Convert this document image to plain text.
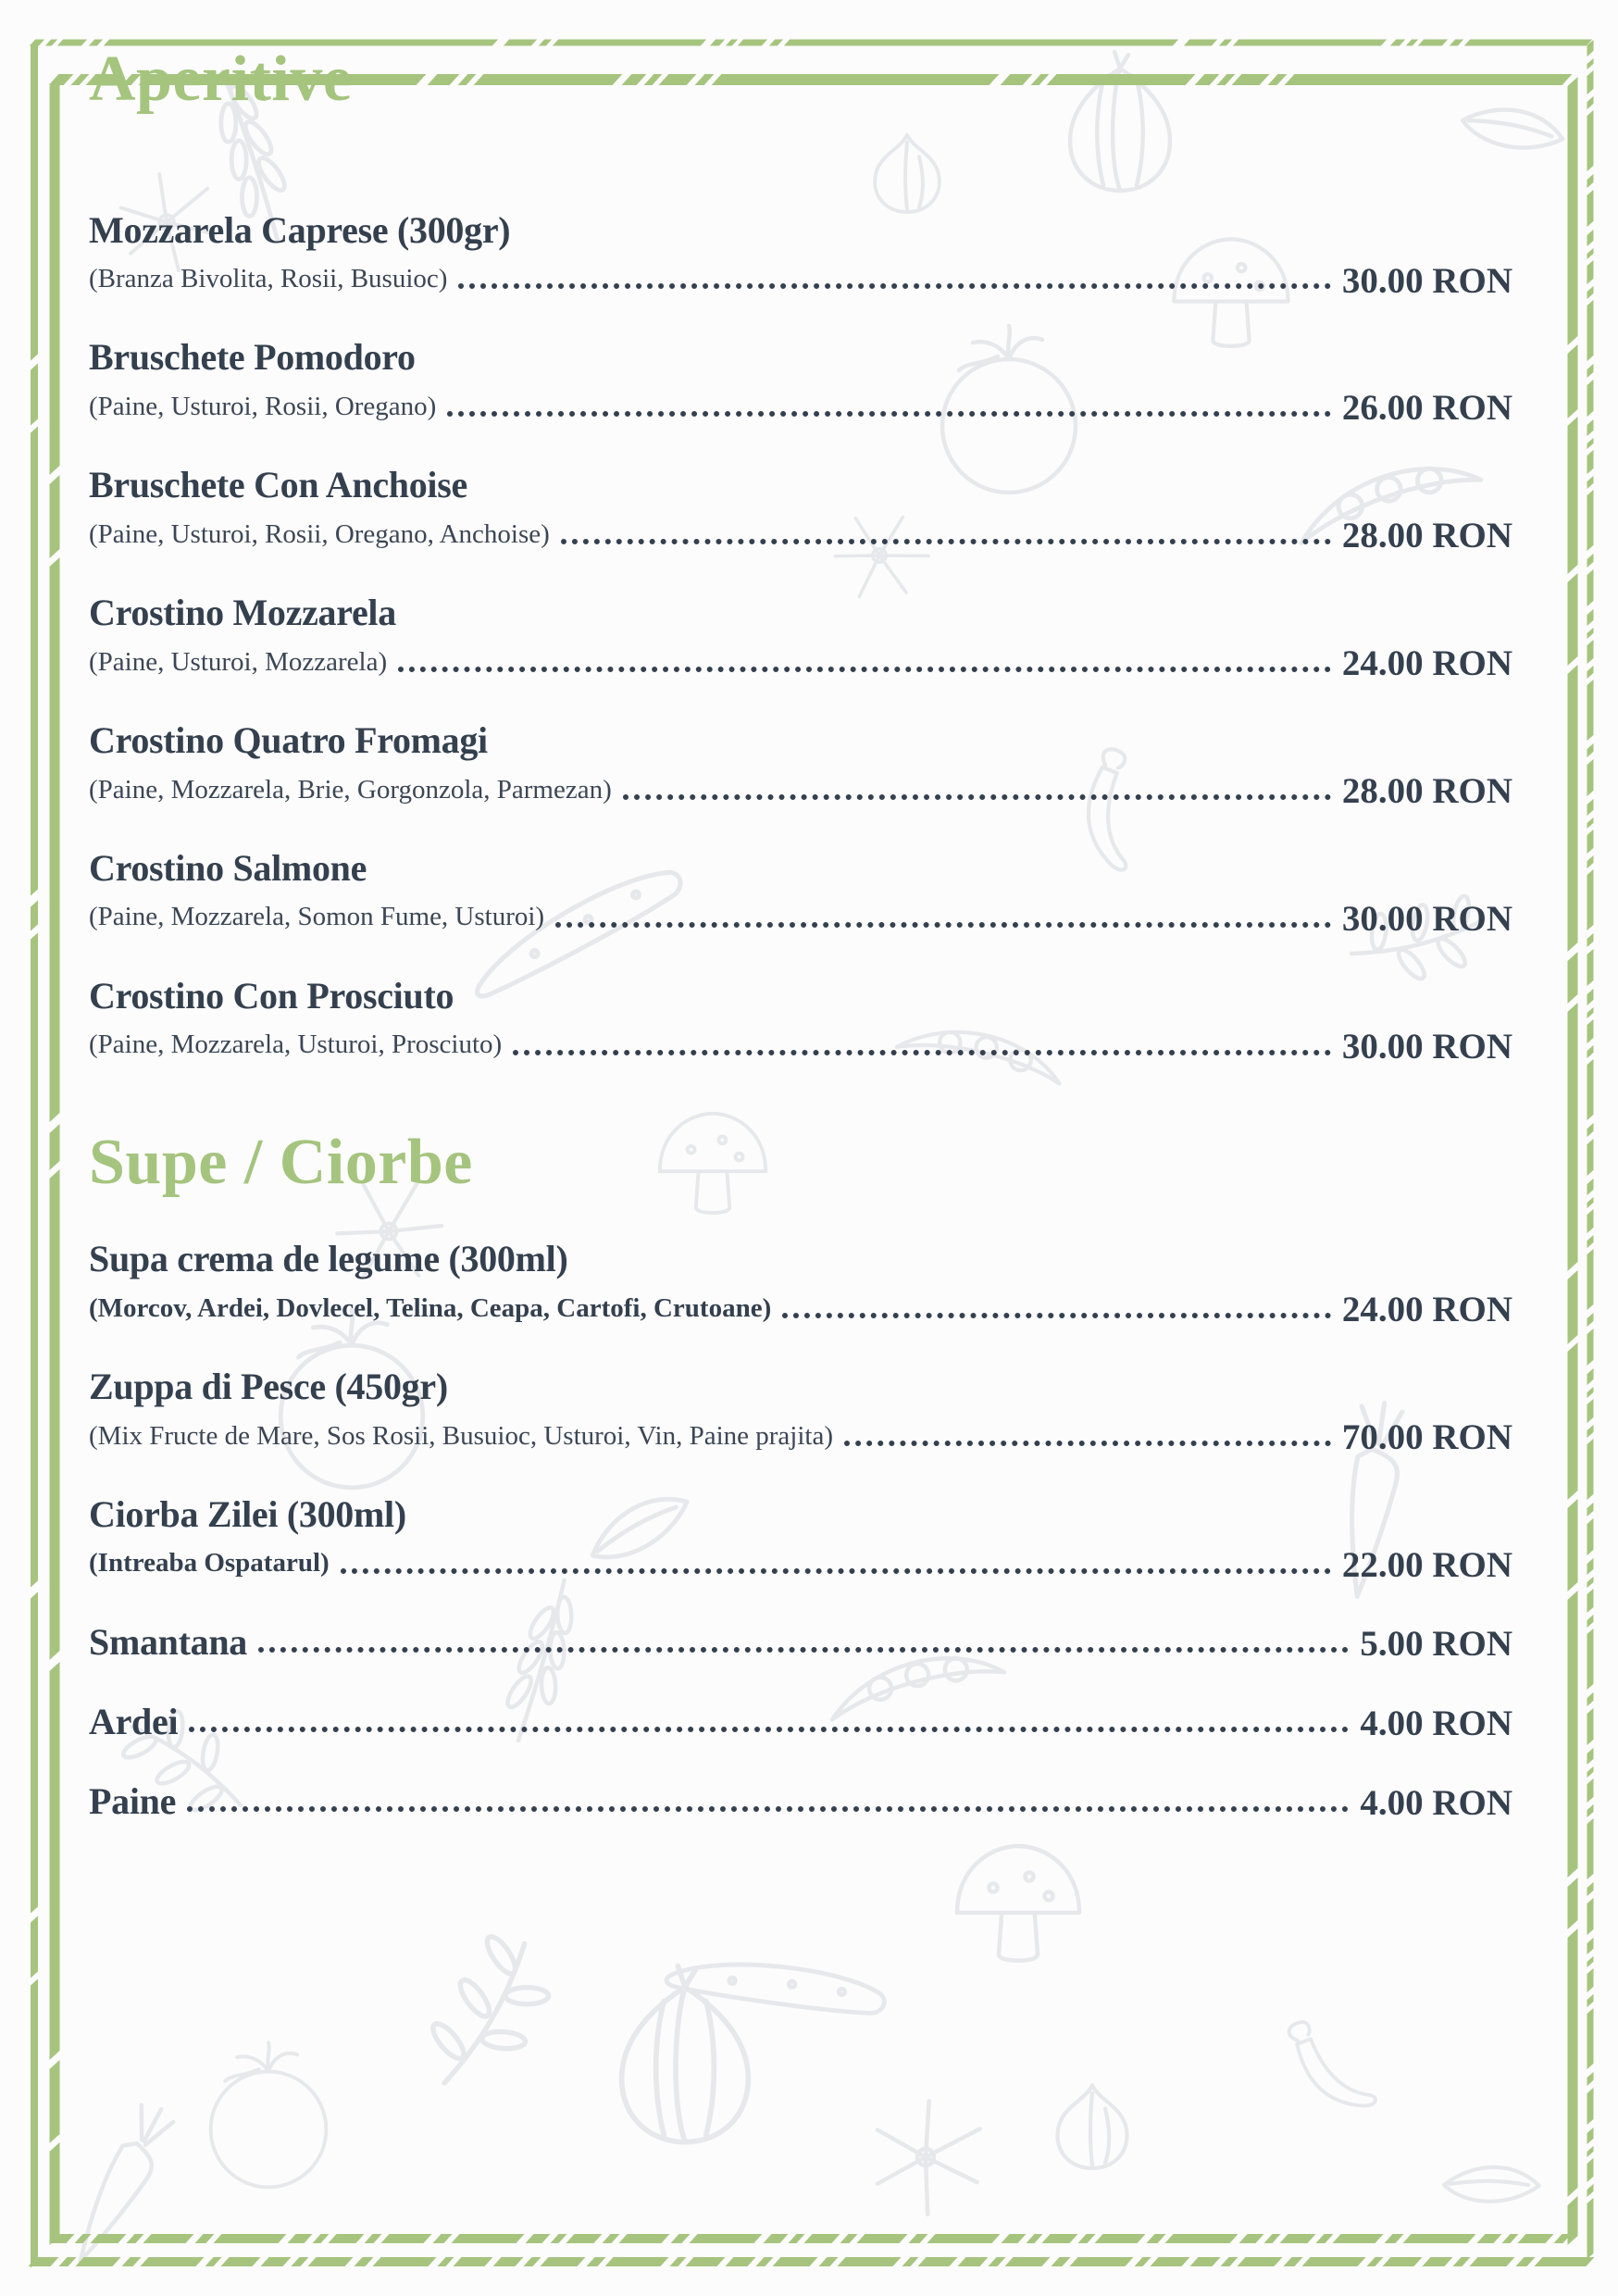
Aperitive
Mozzarela Caprese (300gr)
(Branza Bivolita, Rosii, Busuioc)	30.00 RON
Bruschete Pomodoro
(Paine, Usturoi, Rosii, Oregano)	26.00 RON
Bruschete Con Anchoise
(Paine, Usturoi, Rosii, Oregano, Anchoise)	28.00 RON
Crostino Mozzarela
(Paine, Usturoi, Mozzarela)	24.00 RON
Crostino Quatro Fromagi
(Paine, Mozzarela, Brie, Gorgonzola, Parmezan)	28.00 RON
Crostino Salmone
(Paine, Mozzarela, Somon Fume, Usturoi)	30.00 RON
Crostino Con Prosciuto
(Paine, Mozzarela, Usturoi, Prosciuto)	30.00 RON
Supe / Ciorbe
Supa crema de legume (300ml)
(Morcov, Ardei, Dovlecel, Telina, Ceapa, Cartofi, Crutoane)	24.00 RON
Zuppa di Pesce (450gr)
(Mix Fructe de Mare, Sos Rosii, Busuioc, Usturoi, Vin, Paine prajita)	70.00 RON
Ciorba Zilei (300ml)
(Intreaba Ospatarul)	22.00 RON
Smantana	5.00 RON
Ardei	4.00 RON
Paine	4.00 RON
